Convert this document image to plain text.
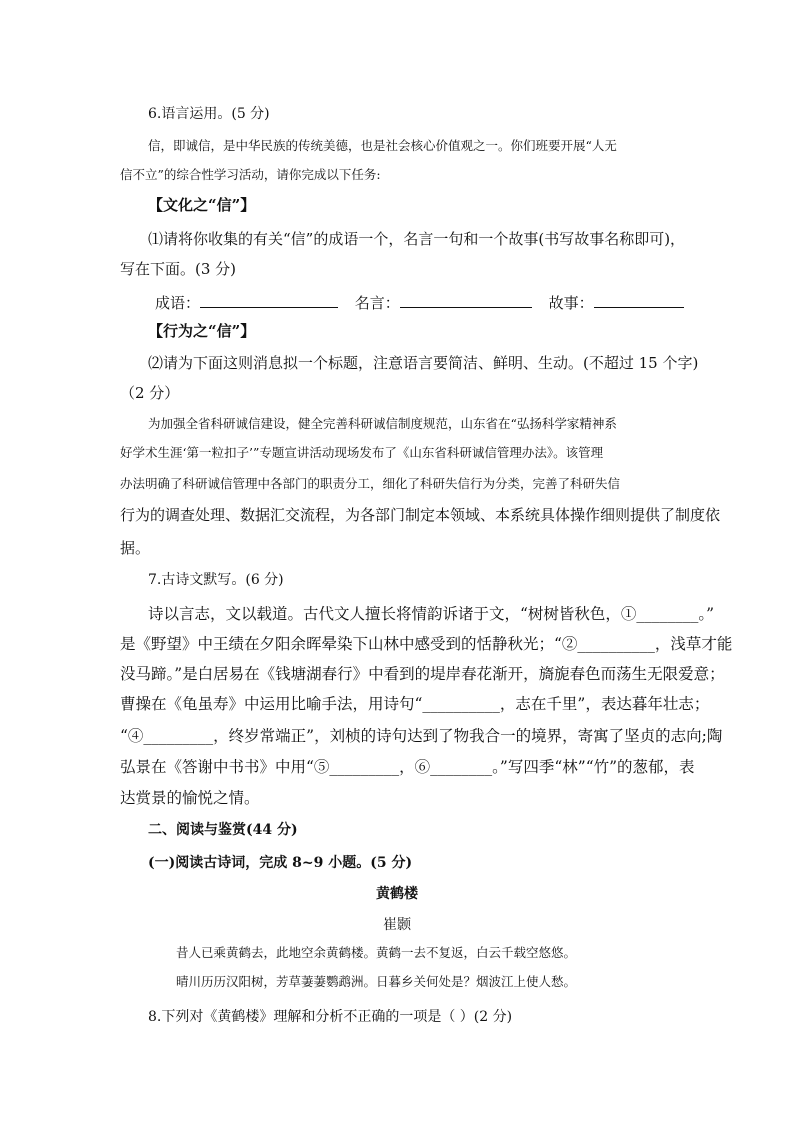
6.语言运用。(5 分)
信，即诚信，是中华民族的传统美德，也是社会核心价值观之一。你们班要开展“人无
信不立”的综合性学习活动，请你完成以下任务:
【文化之“信”】
⑴请将你收集的有关“信”的成语一个，名言一句和一个故事(书写故事名称即可)，
写在下面。(3 分)
成语：	名言：	故事：
【行为之“信”】
⑵请为下面这则消息拟一个标题，注意语言要简洁、鲜明、生动。(不超过 15 个字)
（2 分）
为加强全省科研诚信建设，健全完善科研诚信制度规范，山东省在“弘扬科学家精神系
好学术生涯‘第一粒扣子’”专题宣讲活动现场发布了《山东省科研诚信管理办法》。该管理
办法明确了科研诚信管理中各部门的职责分工，细化了科研失信行为分类，完善了科研失信
行为的调查处理、数据汇交流程，为各部门制定本领域、本系统具体操作细则提供了制度依
据。
7.古诗文默写。(6 分)
诗以言志，文以载道。古代文人擅长将情韵诉诸于文，“树树皆秋色，①________。”
是《野望》中王绩在夕阳余晖晕染下山林中感受到的恬静秋光；“②__________，浅草才能
没马蹄。”是白居易在《钱塘湖春行》中看到的堤岸春花渐开，旖旎春色而荡生无限爱意；
曹操在《龟虽寿》中运用比喻手法，用诗句“__________，志在千里”，表达暮年壮志；
“④_________，终岁常端正”，刘桢的诗句达到了物我合一的境界，寄寓了坚贞的志向;陶
弘景在《答谢中书书》中用“⑤_________，⑥________。”写四季“林”“竹”的葱郁，表
达赏景的愉悦之情。
二、阅读与鉴赏(44 分)
(一)阅读古诗词，完成 8~9 小题。(5 分)
黄鹤楼
崔颢
昔人已乘黄鹤去，此地空余黄鹤楼。黄鹤一去不复返，白云千载空悠悠。
晴川历历汉阳树，芳草萋萋鹦鹉洲。日暮乡关何处是？烟波江上使人愁。
8.下列对《黄鹤楼》理解和分析不正确的一项是（ ）(2 分)
